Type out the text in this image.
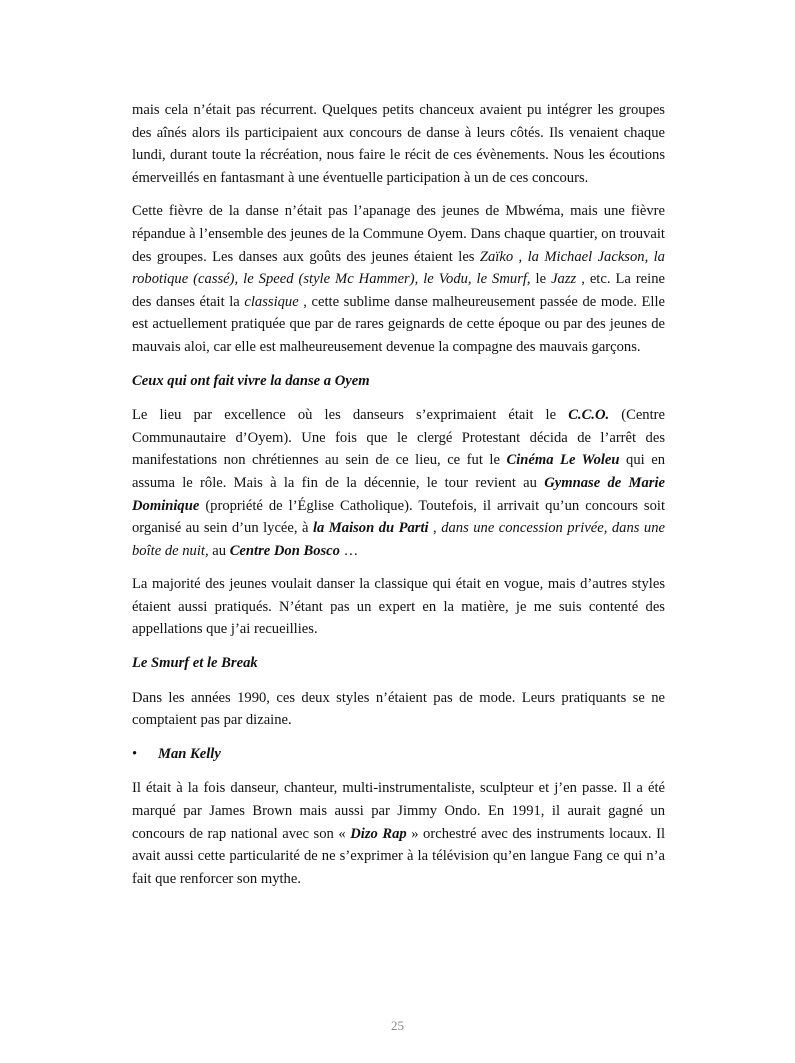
mais cela n’était pas récurrent. Quelques petits chanceux avaient pu intégrer les groupes des aînés alors ils participaient aux concours de danse à leurs côtés. Ils venaient chaque lundi, durant toute la récréation, nous faire le récit de ces évènements. Nous les écoutions émerveillés en fantasmant à une éventuelle participation à un de ces concours.

Cette fièvre de la danse n’était pas l’apanage des jeunes de Mbwéma, mais une fièvre répandue à l’ensemble des jeunes de la Commune Oyem. Dans chaque quartier, on trouvait des groupes. Les danses aux goûts des jeunes étaient les Zaïko , la Michael Jackson, la robotique (cassé), le Speed (style Mc Hammer), le Vodu, le Smurf, le Jazz , etc. La reine des danses était la classique , cette sublime danse malheureusement passée de mode. Elle est actuellement pratiquée que par de rares geignards de cette époque ou par des jeunes de mauvais aloi, car elle est malheureusement devenue la compagne des mauvais garçons.

Ceux qui ont fait vivre la danse a Oyem

Le lieu par excellence où les danseurs s’exprimaient était le C.C.O. (Centre Communautaire d’Oyem). Une fois que le clergé Protestant décida de l’arrêt des manifestations non chrétiennes au sein de ce lieu, ce fut le Cinéma Le Woleu qui en assuma le rôle. Mais à la fin de la décennie, le tour revient au Gymnase de Marie Dominique (propriété de l’Église Catholique). Toutefois, il arrivait qu’un concours soit organisé au sein d’un lycée, à la Maison du Parti , dans une concession privée, dans une boîte de nuit, au Centre Don Bosco …

La majorité des jeunes voulait danser la classique qui était en vogue, mais d’autres styles étaient aussi pratiqués. N’étant pas un expert en la matière, je me suis contenté des appellations que j’ai recueillies.

Le Smurf et le Break

Dans les années 1990, ces deux styles n’étaient pas de mode. Leurs pratiquants se ne comptaient pas par dizaine.

• Man Kelly

Il était à la fois danseur, chanteur, multi-instrumentaliste, sculpteur et j’en passe. Il a été marqué par James Brown mais aussi par Jimmy Ondo. En 1991, il aurait gagné un concours de rap national avec son « Dizo Rap » orchestré avec des instruments locaux. Il avait aussi cette particularité de ne s’exprimer à la télévision qu’en langue Fang ce qui n’a fait que renforcer son mythe.

25
